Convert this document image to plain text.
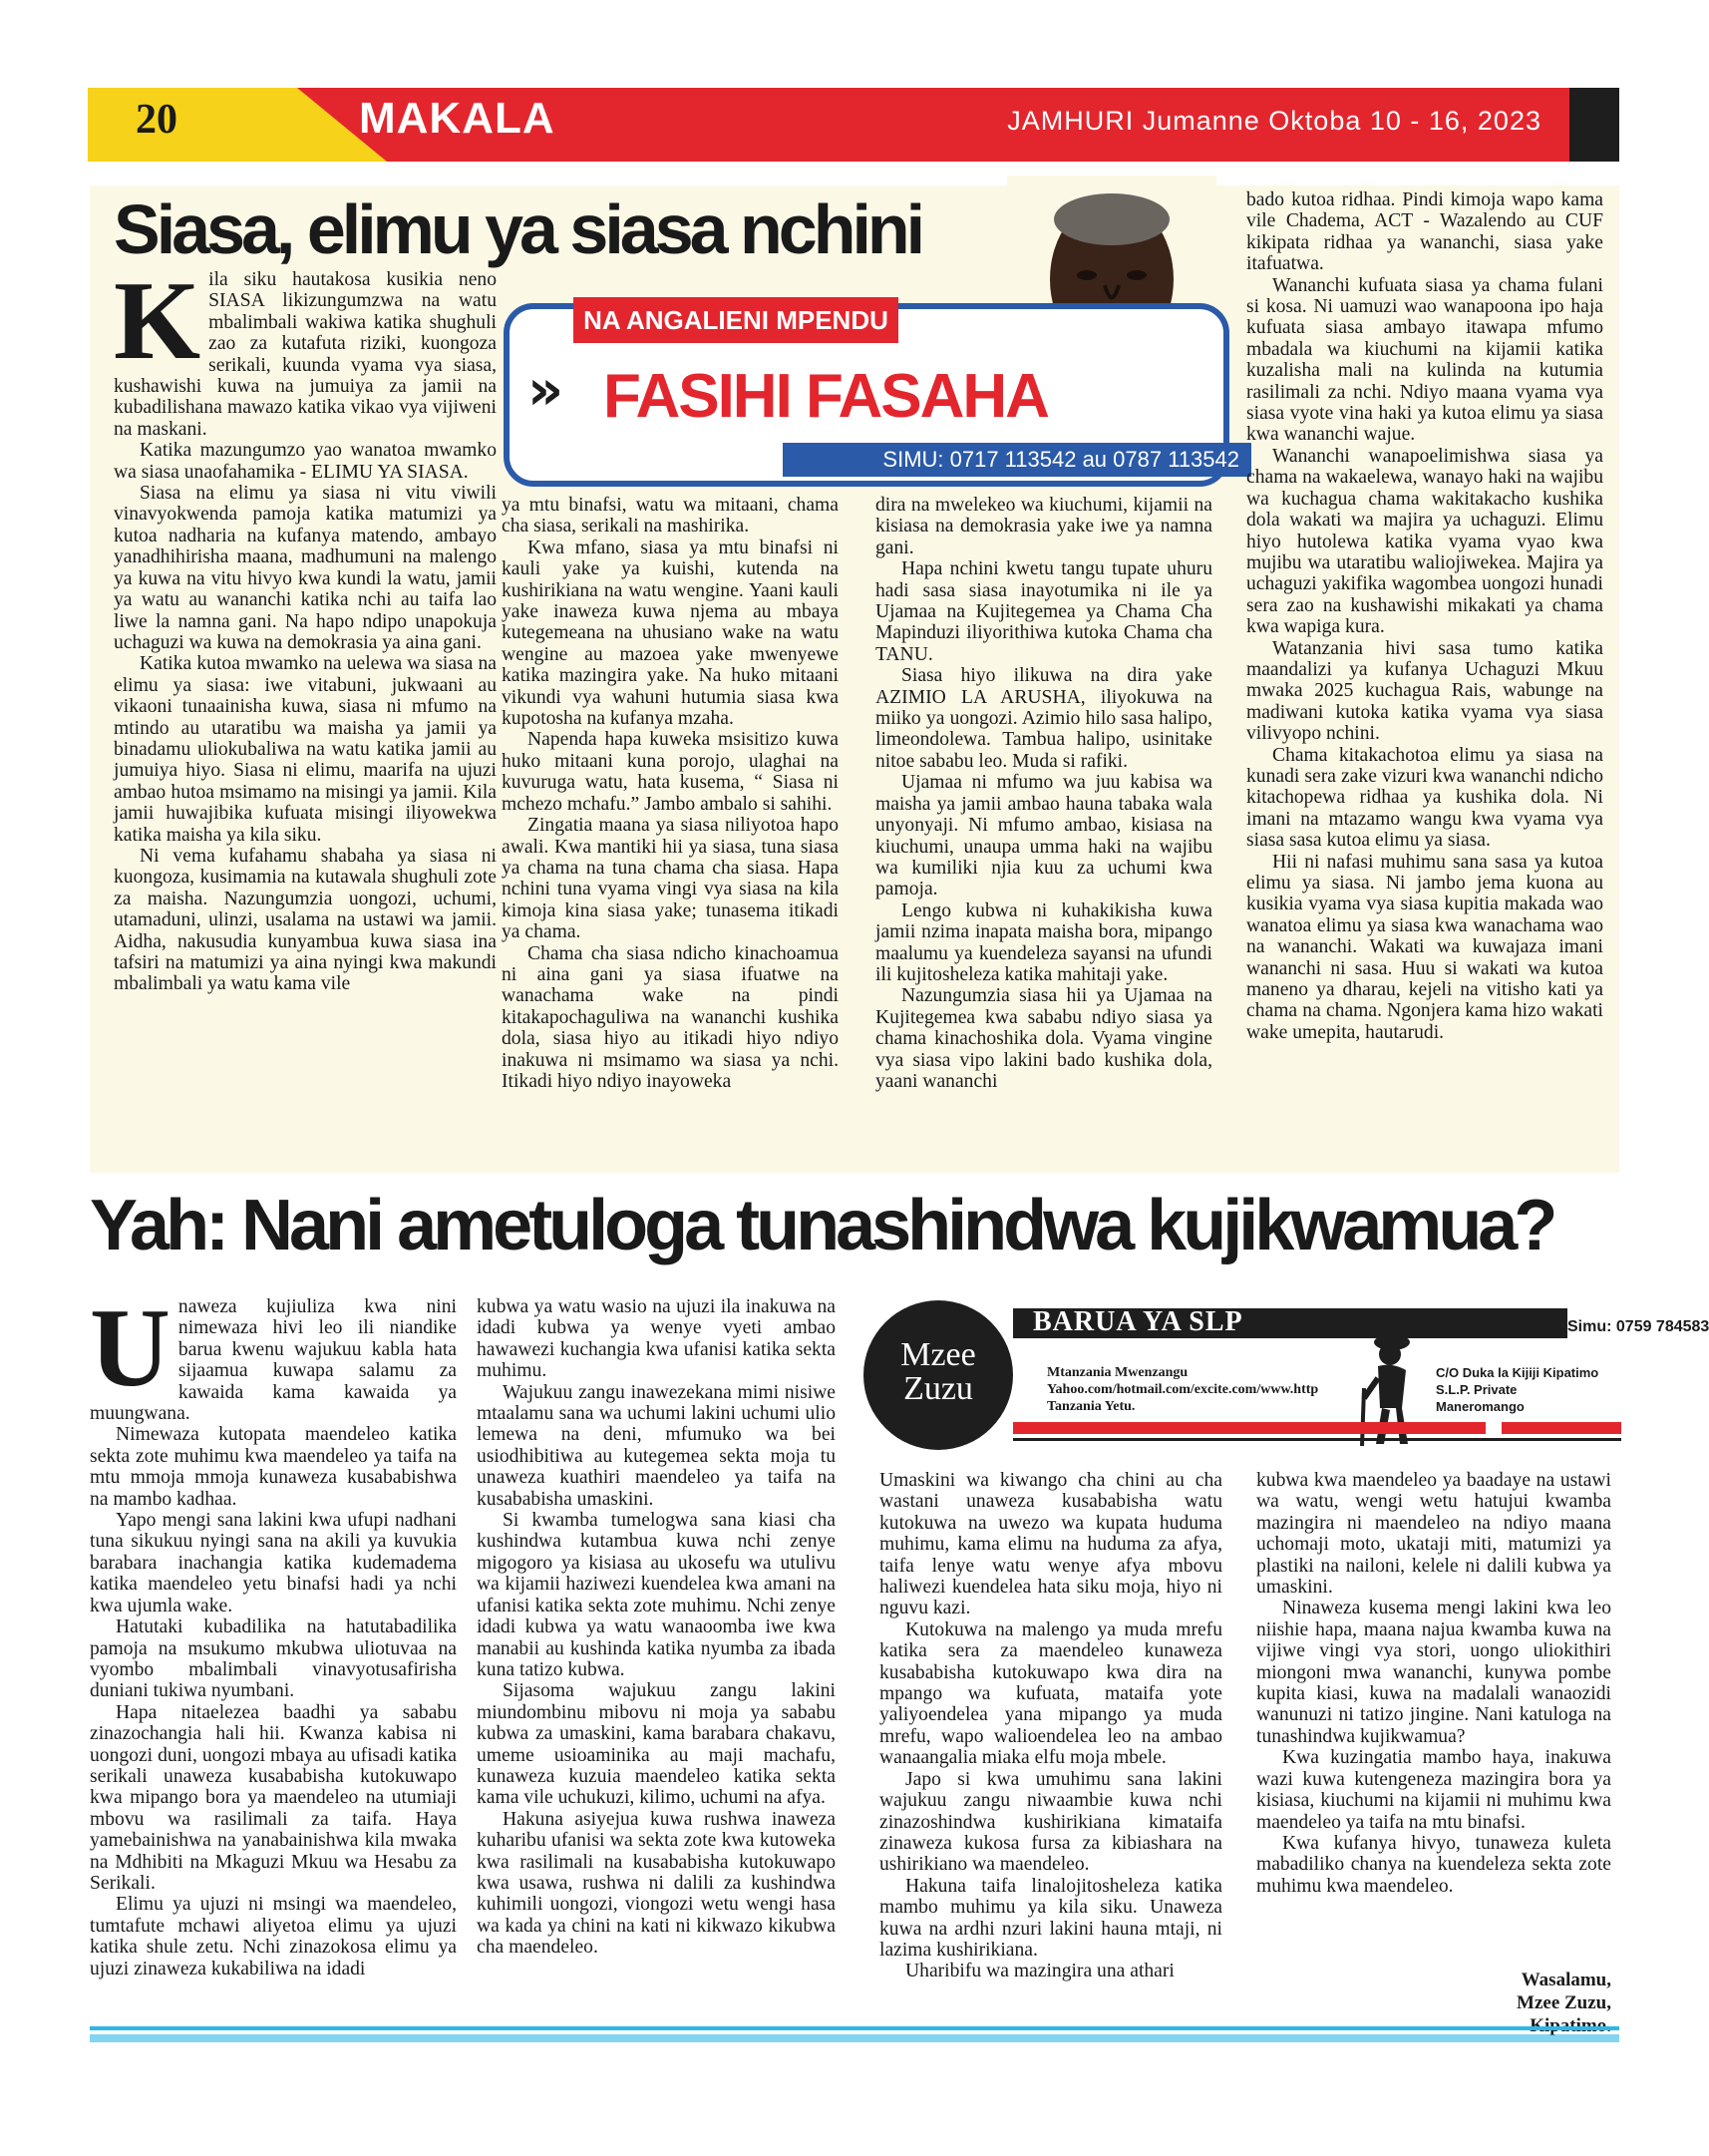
20	MAKALA	JAMHURI Jumanne Oktoba 10 - 16, 2023
Siasa, elimu ya siasa nchini
NA ANGALIENI MPENDU
» FASIHI FASAHA
SIMU: 0717 113542 au 0787 113542

Kila siku hautakosa kusikia neno SIASA likizungumzwa na watu mbalimbali wakiwa katika shughuli zao za kutafuta riziki, kuongoza serikali, kuunda vyama vya siasa, kushawishi kuwa na jumuiya za jamii na kubadilishana mawazo katika vikao vya vijiweni na maskani.

Katika mazungumzo yao wanatoa mwamko wa siasa unaofahamika - ELIMU YA SIASA.

Siasa na elimu ya siasa ni vitu viwili vinavyokwenda pamoja katika matumizi ya kutoa nadharia na kufanya matendo, ambayo yanadhihirisha maana, madhumuni na malengo ya kuwa na vitu hivyo kwa kundi la watu, jamii ya watu au wananchi katika nchi au taifa lao liwe la namna gani. Na hapo ndipo unapokuja uchaguzi wa kuwa na demokrasia ya aina gani.

Katika kutoa mwamko na uelewa wa siasa na elimu ya siasa: iwe vitabuni, jukwaani au vikaoni tunaainisha kuwa, siasa ni mfumo na mtindo au utaratibu wa maisha ya jamii ya binadamu uliokubaliwa na watu katika jamii au jumuiya hiyo. Siasa ni elimu, maarifa na ujuzi ambao hutoa msimamo na misingi ya jamii. Kila jamii huwajibika kufuata misingi iliyowekwa katika maisha ya kila siku.

Ni vema kufahamu shabaha ya siasa ni kuongoza, kusimamia na kutawala shughuli zote za maisha. Nazungumzia uongozi, uchumi, utamaduni, ulinzi, usalama na ustawi wa jamii. Aidha, nakusudia kunyambua kuwa siasa ina tafsiri na matumizi ya aina nyingi kwa makundi mbalimbali ya watu kama vile

ya mtu binafsi, watu wa mitaani, chama cha siasa, serikali na mashirika.

Kwa mfano, siasa ya mtu binafsi ni kauli yake ya kuishi, kutenda na kushirikiana na watu wengine. Yaani kauli yake inaweza kuwa njema au mbaya kutegemeana na uhusiano wake na watu wengine au mazoea yake mwenyewe katika mazingira yake. Na huko mitaani vikundi vya wahuni hutumia siasa kwa kupotosha na kufanya mzaha.

Napenda hapa kuweka msisitizo kuwa huko mitaani kuna porojo, ulaghai na kuvuruga watu, hata kusema, “ Siasa ni mchezo mchafu.” Jambo ambalo si sahihi.

Zingatia maana ya siasa niliyotoa hapo awali. Kwa mantiki hii ya siasa, tuna siasa ya chama na tuna chama cha siasa. Hapa nchini tuna vyama vingi vya siasa na kila kimoja kina siasa yake; tunasema itikadi ya chama.

Chama cha siasa ndicho kinachoamua ni aina gani ya siasa ifuatwe na wanachama wake na pindi kitakapochaguliwa na wananchi kushika dola, siasa hiyo au itikadi hiyo ndiyo inakuwa ni msimamo wa siasa ya nchi. Itikadi hiyo ndiyo inayoweka

dira na mwelekeo wa kiuchumi, kijamii na kisiasa na demokrasia yake iwe ya namna gani.

Hapa nchini kwetu tangu tupate uhuru hadi sasa siasa inayotumika ni ile ya Ujamaa na Kujitegemea ya Chama Cha Mapinduzi iliyorithiwa kutoka Chama cha TANU.

Siasa hiyo ilikuwa na dira yake AZIMIO LA ARUSHA, iliyokuwa na miiko ya uongozi. Azimio hilo sasa halipo, limeondolewa. Tambua halipo, usinitake nitoe sababu leo. Muda si rafiki.

Ujamaa ni mfumo wa juu kabisa wa maisha ya jamii ambao hauna tabaka wala unyonyaji. Ni mfumo ambao, kisiasa na kiuchumi, unaupa umma haki na wajibu wa kumiliki njia kuu za uchumi kwa pamoja.

Lengo kubwa ni kuhakikisha kuwa jamii nzima inapata maisha bora, mipango maalumu ya kuendeleza sayansi na ufundi ili kujitosheleza katika mahitaji yake.

Nazungumzia siasa hii ya Ujamaa na Kujitegemea kwa sababu ndiyo siasa ya chama kinachoshika dola. Vyama vingine vya siasa vipo lakini bado kushika dola, yaani wananchi

bado kutoa ridhaa. Pindi kimoja wapo kama vile Chadema, ACT - Wazalendo au CUF kikipata ridhaa ya wananchi, siasa yake itafuatwa.

Wananchi kufuata siasa ya chama fulani si kosa. Ni uamuzi wao wanapoona ipo haja kufuata siasa ambayo itawapa mfumo mbadala wa kiuchumi na kijamii katika kuzalisha mali na kulinda na kutumia rasilimali za nchi. Ndiyo maana vyama vya siasa vyote vina haki ya kutoa elimu ya siasa kwa wananchi wajue.

Wananchi wanapoelimishwa siasa ya chama na wakaelewa, wanayo haki na wajibu wa kuchagua chama wakitakacho kushika dola wakati wa majira ya uchaguzi. Elimu hiyo hutolewa katika vyama vyao kwa mujibu wa utaratibu waliojiwekea. Majira ya uchaguzi yakifika wagombea uongozi hunadi sera zao na kushawishi mikakati ya chama kwa wapiga kura.

Watanzania hivi sasa tumo katika maandalizi ya kufanya Uchaguzi Mkuu mwaka 2025 kuchagua Rais, wabunge na madiwani kutoka katika vyama vya siasa vilivyopo nchini.

Chama kitakachotoa elimu ya siasa na kunadi sera zake vizuri kwa wananchi ndicho kitachopewa ridhaa ya kushika dola. Ni imani na mtazamo wangu kwa vyama vya siasa sasa kutoa elimu ya siasa.

Hii ni nafasi muhimu sana sasa ya kutoa elimu ya siasa. Ni jambo jema kuona au kusikia vyama vya siasa kupitia makada wao wanatoa elimu ya siasa kwa wanachama wao na wananchi. Wakati wa kuwajaza imani wananchi ni sasa. Huu si wakati wa kutoa maneno ya dharau, kejeli na vitisho kati ya chama na chama. Ngonjera kama hizo wakati wake umepita, hautarudi.

Yah: Nani ametuloga tunashindwa kujikwamua?
Mzee
Zuzu
BARUA YA SLP	Simu: 0759 784583
Mtanzania Mwenzangu
Yahoo.com/hotmail.com/excite.com/www.http
Tanzania Yetu.
C/O Duka la Kijiji Kipatimo
S.L.P. Private
Maneromango

Unaweza kujiuliza kwa nini nimewaza hivi leo ili niandike barua kwenu wajukuu kabla hata sijaamua kuwapa salamu za kawaida kama kawaida ya muungwana.

Nimewaza kutopata maendeleo katika sekta zote muhimu kwa maendeleo ya taifa na mtu mmoja mmoja kunaweza kusababishwa na mambo kadhaa.

Yapo mengi sana lakini kwa ufupi nadhani tuna sikukuu nyingi sana na akili ya kuvukia barabara inachangia katika kudemadema katika maendeleo yetu binafsi hadi ya nchi kwa ujumla wake.

Hatutaki kubadilika na hatutabadilika pamoja na msukumo mkubwa uliotuvaa na vyombo mbalimbali vinavyotusafirisha duniani tukiwa nyumbani.

Hapa nitaelezea baadhi ya sababu zinazochangia hali hii. Kwanza kabisa ni uongozi duni, uongozi mbaya au ufisadi katika serikali unaweza kusababisha kutokuwapo kwa mipango bora ya maendeleo na utumiaji mbovu wa rasilimali za taifa. Haya yamebainishwa na yanabainishwa kila mwaka na Mdhibiti na Mkaguzi Mkuu wa Hesabu za Serikali.

Elimu ya ujuzi ni msingi wa maendeleo, tumtafute mchawi aliyetoa elimu ya ujuzi katika shule zetu. Nchi zinazokosa elimu ya ujuzi zinaweza kukabiliwa na idadi

kubwa ya watu wasio na ujuzi ila inakuwa na idadi kubwa ya wenye vyeti ambao hawawezi kuchangia kwa ufanisi katika sekta muhimu.

Wajukuu zangu inawezekana mimi nisiwe mtaalamu sana wa uchumi lakini uchumi ulio lemewa na deni, mfumuko wa bei usiodhibitiwa au kutegemea sekta moja tu unaweza kuathiri maendeleo ya taifa na kusababisha umaskini.

Si kwamba tumelogwa sana kiasi cha kushindwa kutambua kuwa nchi zenye migogoro ya kisiasa au ukosefu wa utulivu wa kijamii haziwezi kuendelea kwa amani na ufanisi katika sekta zote muhimu. Nchi zenye idadi kubwa ya watu wanaoomba iwe kwa manabii au kushinda katika nyumba za ibada kuna tatizo kubwa.

Sijasoma wajukuu zangu lakini miundombinu mibovu ni moja ya sababu kubwa za umaskini, kama barabara chakavu, umeme usioaminika au maji machafu, kunaweza kuzuia maendeleo katika sekta kama vile uchukuzi, kilimo, uchumi na afya.

Hakuna asiyejua kuwa rushwa inaweza kuharibu ufanisi wa sekta zote kwa kutoweka kwa rasilimali na kusababisha kutokuwapo kwa usawa, rushwa ni dalili za kushindwa kuhimili uongozi, viongozi wetu wengi hasa wa kada ya chini na kati ni kikwazo kikubwa cha maendeleo.

Umaskini wa kiwango cha chini au cha wastani unaweza kusababisha watu kutokuwa na uwezo wa kupata huduma muhimu, kama elimu na huduma za afya, taifa lenye watu wenye afya mbovu haliwezi kuendelea hata siku moja, hiyo ni nguvu kazi.

Kutokuwa na malengo ya muda mrefu katika sera za maendeleo kunaweza kusababisha kutokuwapo kwa dira na mpango wa kufuata, mataifa yote yaliyoendelea yana mipango ya muda mrefu, wapo walioendelea leo na ambao wanaangalia miaka elfu moja mbele.

Japo si kwa umuhimu sana lakini wajukuu zangu niwaambie kuwa nchi zinazoshindwa kushirikiana kimataifa zinaweza kukosa fursa za kibiashara na ushirikiano wa maendeleo.

Hakuna taifa linalojitosheleza katika mambo muhimu ya kila siku. Unaweza kuwa na ardhi nzuri lakini hauna mtaji, ni lazima kushirikiana.

Uharibifu wa mazingira una athari

kubwa kwa maendeleo ya baadaye na ustawi wa watu, wengi wetu hatujui kwamba mazingira ni maendeleo na ndiyo maana uchomaji moto, ukataji miti, matumizi ya plastiki na nailoni, kelele ni dalili kubwa ya umaskini.

Ninaweza kusema mengi lakini kwa leo niishie hapa, maana najua kwamba kuwa na vijiwe vingi vya stori, uongo uliokithiri miongoni mwa wananchi, kunywa pombe kupita kiasi, kuwa na madalali wanaozidi wanunuzi ni tatizo jingine. Nani katuloga na tunashindwa kujikwamua?

Kwa kuzingatia mambo haya, inakuwa wazi kuwa kutengeneza mazingira bora ya kisiasa, kiuchumi na kijamii ni muhimu kwa maendeleo ya taifa na mtu binafsi.

Kwa kufanya hivyo, tunaweza kuleta mabadiliko chanya na kuendeleza sekta zote muhimu kwa maendeleo.

Wasalamu,
Mzee Zuzu,
